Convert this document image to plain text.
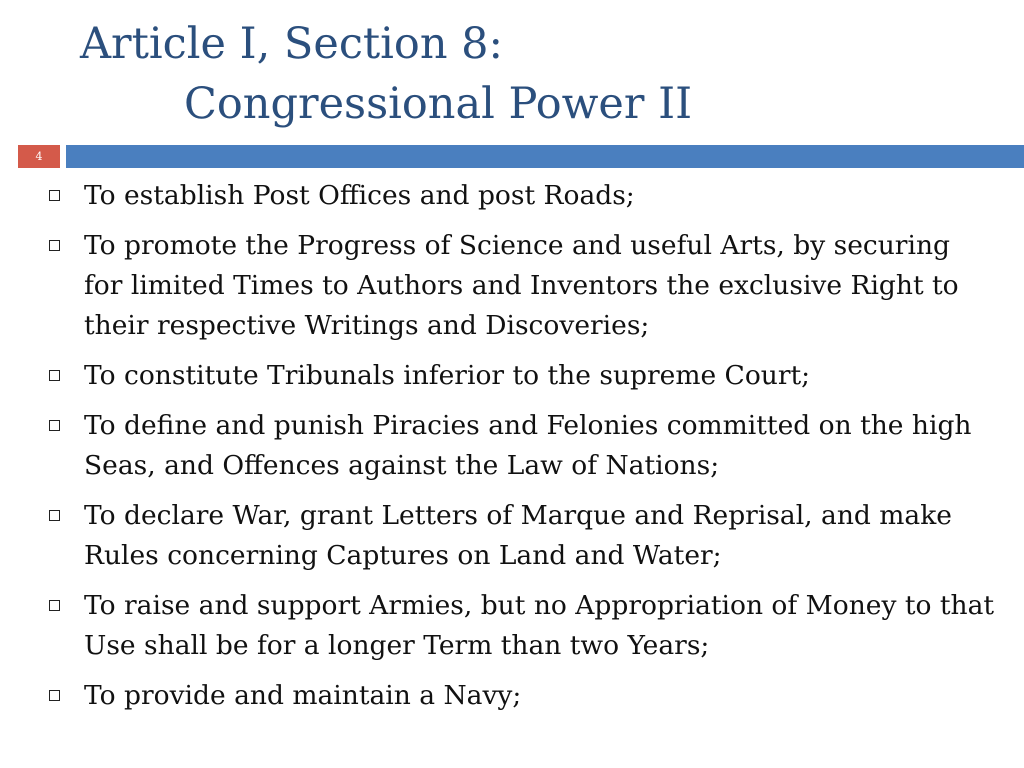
Article I, Section 8:
Congressional Power II
4
To establish Post Offices and post Roads;
To promote the Progress of Science and useful Arts, by securing for limited Times to Authors and Inventors the exclusive Right to their respective Writings and Discoveries;
To constitute Tribunals inferior to the supreme Court;
To define and punish Piracies and Felonies committed on the high Seas, and Offences against the Law of Nations;
To declare War, grant Letters of Marque and Reprisal, and make Rules concerning Captures on Land and Water;
To raise and support Armies, but no Appropriation of Money to that Use shall be for a longer Term than two Years;
To provide and maintain a Navy;
